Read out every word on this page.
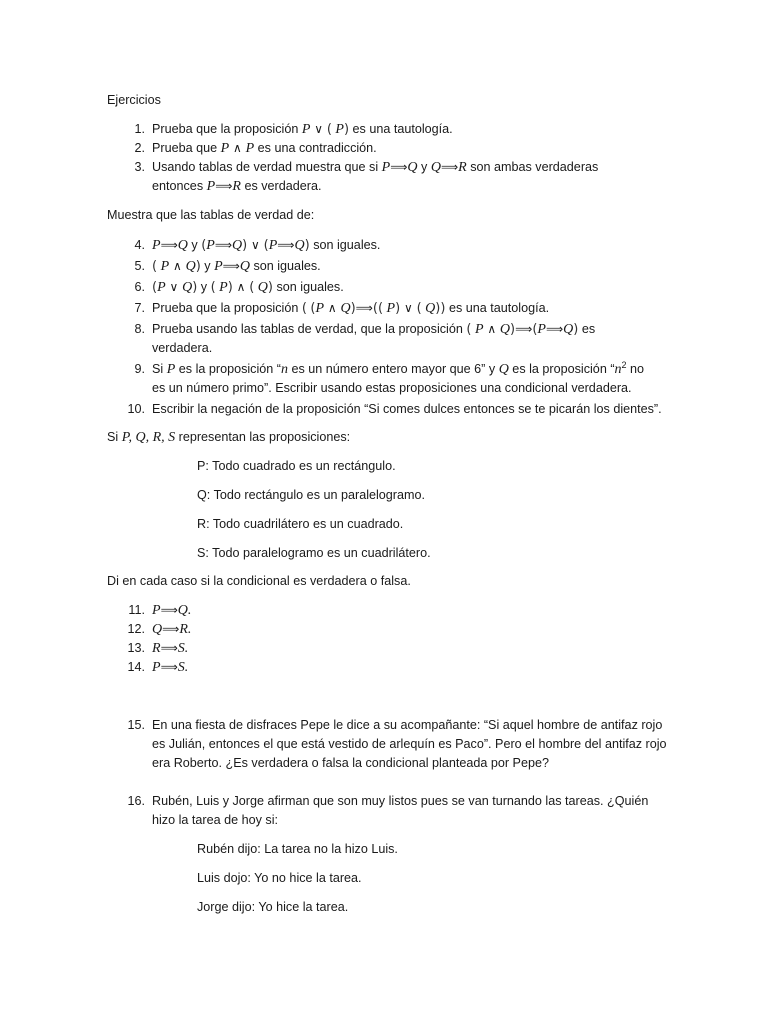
Ejercicios
1. Prueba que la proposición P ∨ ( P) es una tautología.
2. Prueba que P ∧ P es una contradicción.
3. Usando tablas de verdad muestra que si P⟹Q y Q⟹R son ambas verdaderas
entonces P⟹R es verdadera.
Muestra que las tablas de verdad de:
4. P⟹Q y (P⟹Q) ∨ (P⟹Q) son iguales.
5. ( P ∧ Q) y P⟹Q son iguales.
6. (P ∨ Q) y ( P) ∧ ( Q) son iguales.
7. Prueba que la proposición ( (P ∧ Q)⟹(( P) ∨ ( Q)) es una tautología.
8. Prueba usando las tablas de verdad, que la proposición ( P ∧ Q)⟹(P⟹Q) es
verdadera.
9. Si P es la proposición “n es un número entero mayor que 6” y Q es la proposición “$n^2$ no
es un número primo”. Escribir usando estas proposiciones una condicional verdadera.
10. Escribir la negación de la proposición “Si comes dulces entonces se te picarán los dientes”.
Si P, Q, R, S representan las proposiciones:
P: Todo cuadrado es un rectángulo.
Q: Todo rectángulo es un paralelogramo.
R: Todo cuadrilátero es un cuadrado.
S: Todo paralelogramo es un cuadrilátero.
Di en cada caso si la condicional es verdadera o falsa.
11. P⟹Q.
12. Q⟹R.
13. R⟹S.
14. P⟹S.
15. En una fiesta de disfraces Pepe le dice a su acompañante: “Si aquel hombre de antifaz rojo
es Julián, entonces el que está vestido de arlequín es Paco”. Pero el hombre del antifaz rojo
era Roberto. ¿Es verdadera o falsa la condicional planteada por Pepe?
16. Rubén, Luis y Jorge afirman que son muy listos pues se van turnando las tareas. ¿Quién
hizo la tarea de hoy si:
Rubén dijo: La tarea no la hizo Luis.
Luis dojo: Yo no hice la tarea.
Jorge dijo: Yo hice la tarea.
